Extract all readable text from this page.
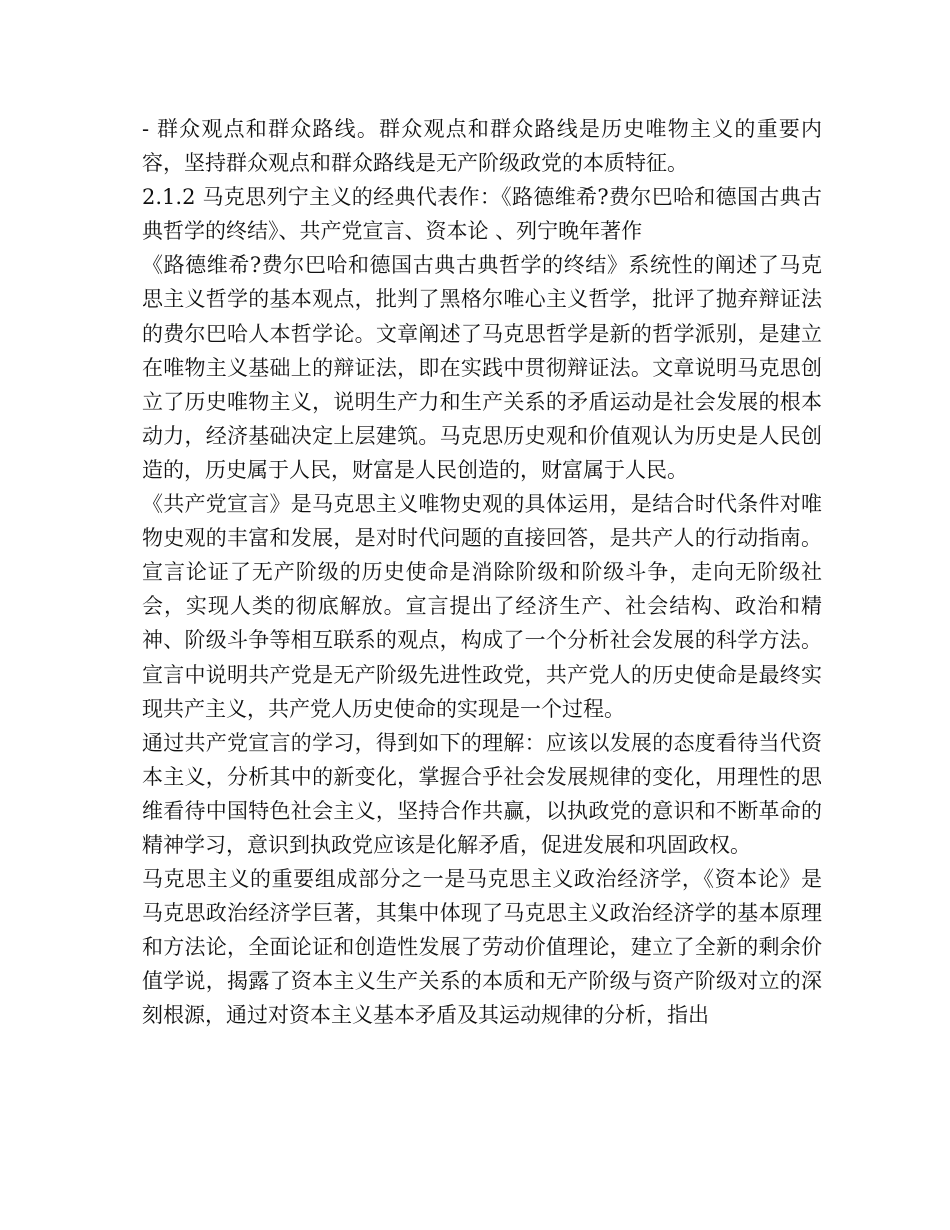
- 群众观点和群众路线。群众观点和群众路线是历史唯物主义的重要内容，坚持群众观点和群众路线是无产阶级政党的本质特征。

2.1.2 马克思列宁主义的经典代表作：《路德维希?费尔巴哈和德国古典古典哲学的终结》、共产党宣言、资本论 、列宁晚年著作

《路德维希?费尔巴哈和德国古典古典哲学的终结》系统性的阐述了马克思主义哲学的基本观点，批判了黑格尔唯心主义哲学，批评了抛弃辩证法的费尔巴哈人本哲学论。文章阐述了马克思哲学是新的哲学派别，是建立在唯物主义基础上的辩证法，即在实践中贯彻辩证法。文章说明马克思创立了历史唯物主义，说明生产力和生产关系的矛盾运动是社会发展的根本动力，经济基础决定上层建筑。马克思历史观和价值观认为历史是人民创造的，历史属于人民，财富是人民创造的，财富属于人民。

《共产党宣言》是马克思主义唯物史观的具体运用，是结合时代条件对唯物史观的丰富和发展，是对时代问题的直接回答，是共产人的行动指南。宣言论证了无产阶级的历史使命是消除阶级和阶级斗争，走向无阶级社会，实现人类的彻底解放。宣言提出了经济生产、社会结构、政治和精神、阶级斗争等相互联系的观点，构成了一个分析社会发展的科学方法。宣言中说明共产党是无产阶级先进性政党，共产党人的历史使命是最终实现共产主义，共产党人历史使命的实现是一个过程。

通过共产党宣言的学习，得到如下的理解：应该以发展的态度看待当代资本主义，分析其中的新变化，掌握合乎社会发展规律的变化，用理性的思维看待中国特色社会主义，坚持合作共赢，以执政党的意识和不断革命的精神学习，意识到执政党应该是化解矛盾，促进发展和巩固政权。

马克思主义的重要组成部分之一是马克思主义政治经济学，《资本论》是马克思政治经济学巨著，其集中体现了马克思主义政治经济学的基本原理和方法论，全面论证和创造性发展了劳动价值理论，建立了全新的剩余价值学说，揭露了资本主义生产关系的本质和无产阶级与资产阶级对立的深刻根源，通过对资本主义基本矛盾及其运动规律的分析，指出
